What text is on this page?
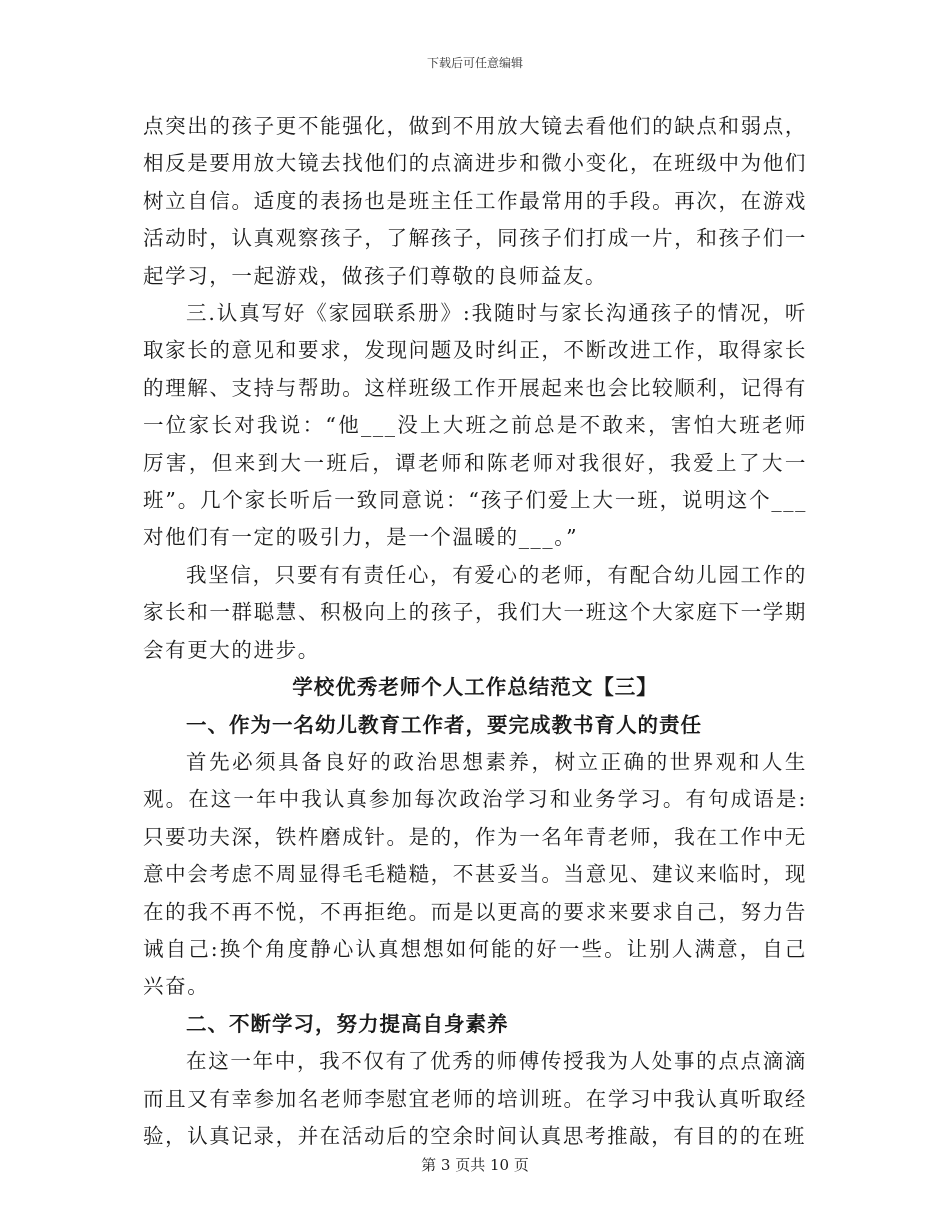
下载后可任意编辑

点突出的孩子更不能强化，做到不用放大镜去看他们的缺点和弱点，相反是要用放大镜去找他们的点滴进步和微小变化，在班级中为他们树立自信。适度的表扬也是班主任工作最常用的手段。再次，在游戏活动时，认真观察孩子，了解孩子，同孩子们打成一片，和孩子们一起学习，一起游戏，做孩子们尊敬的良师益友。

三.认真写好《家园联系册》:我随时与家长沟通孩子的情况，听取家长的意见和要求，发现问题及时纠正，不断改进工作，取得家长的理解、支持与帮助。这样班级工作开展起来也会比较顺利，记得有一位家长对我说：“他___没上大班之前总是不敢来，害怕大班老师厉害，但来到大一班后，谭老师和陈老师对我很好，我爱上了大一班”。几个家长听后一致同意说：“孩子们爱上大一班，说明这个___对他们有一定的吸引力，是一个温暖的___。”

我坚信，只要有有责任心，有爱心的老师，有配合幼儿园工作的家长和一群聪慧、积极向上的孩子，我们大一班这个大家庭下一学期会有更大的进步。

学校优秀老师个人工作总结范文【三】

一、作为一名幼儿教育工作者，要完成教书育人的责任

首先必须具备良好的政治思想素养，树立正确的世界观和人生观。在这一年中我认真参加每次政治学习和业务学习。有句成语是:只要功夫深，铁杵磨成针。是的，作为一名年青老师，我在工作中无意中会考虑不周显得毛毛糙糙，不甚妥当。当意见、建议来临时，现在的我不再不悦，不再拒绝。而是以更高的要求来要求自己，努力告诫自己:换个角度静心认真想想如何能的好一些。让别人满意，自己兴奋。

二、不断学习，努力提高自身素养

在这一年中，我不仅有了优秀的师傅传授我为人处事的点点滴滴而且又有幸参加名老师李慰宜老师的培训班。在学习中我认真听取经验，认真记录，并在活动后的空余时间认真思考推敲，有目的的在班

第 3 页共 10 页
